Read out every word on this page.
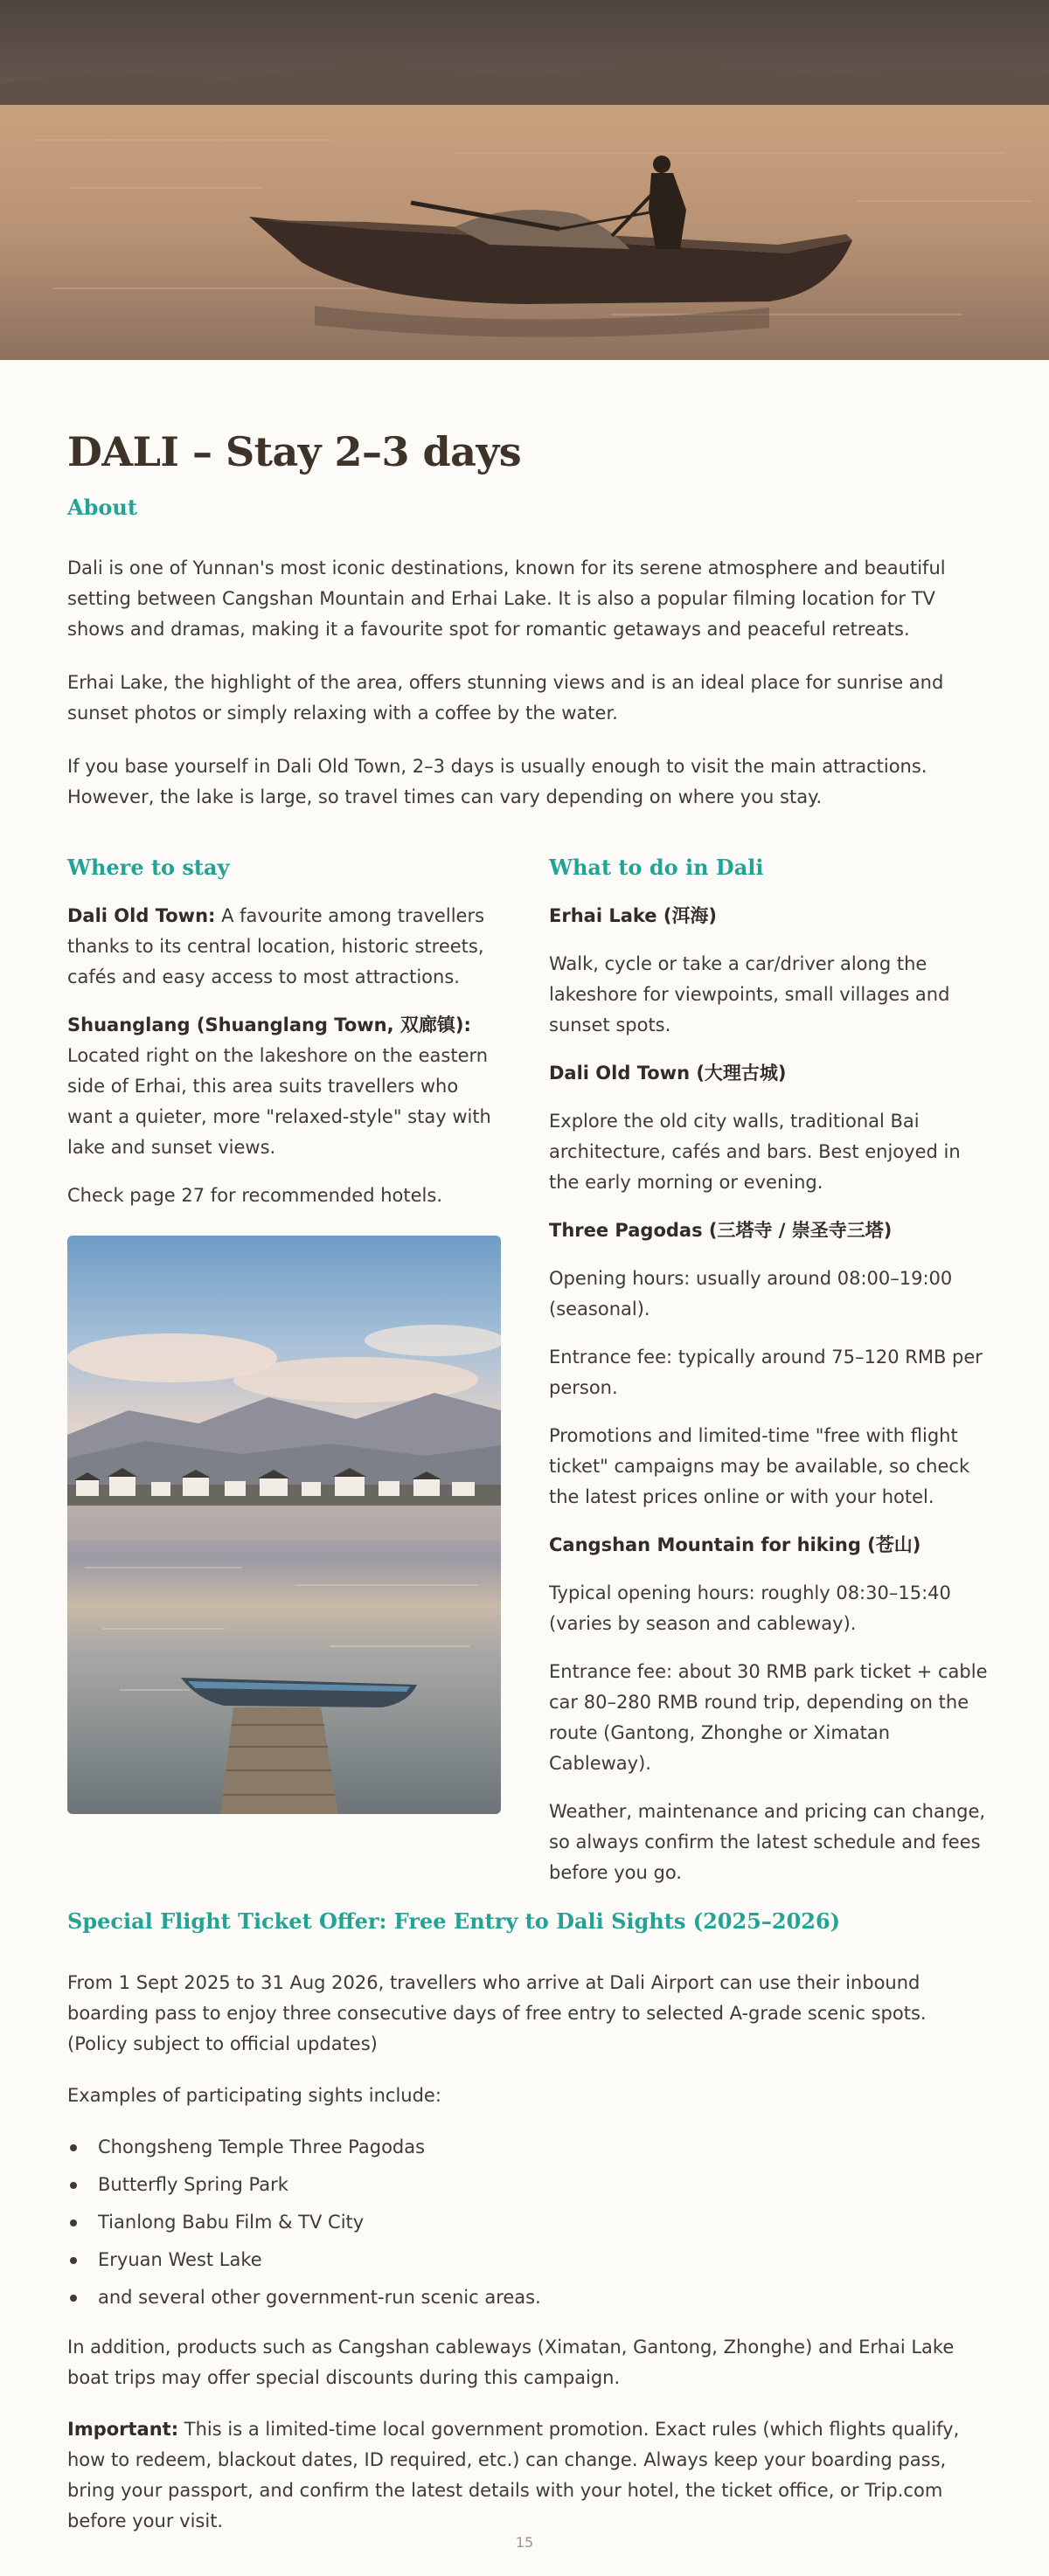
DALI – Stay 2–3 days
About

Dali is one of Yunnan's most iconic destinations, known for its serene atmosphere and beautiful setting between Cangshan Mountain and Erhai Lake. It is also a popular filming location for TV shows and dramas, making it a favourite spot for romantic getaways and peaceful retreats.

Erhai Lake, the highlight of the area, offers stunning views and is an ideal place for sunrise and sunset photos or simply relaxing with a coffee by the water.

If you base yourself in Dali Old Town, 2–3 days is usually enough to visit the main attractions. However, the lake is large, so travel times can vary depending on where you stay.

Where to stay

Dali Old Town: A favourite among travellers thanks to its central location, historic streets, cafés and easy access to most attractions.

Shuanglang (Shuanglang Town, 双廊镇): Located right on the lakeshore on the eastern side of Erhai, this area suits travellers who want a quieter, more "relaxed-style" stay with lake and sunset views.

Check page 27 for recommended hotels.

What to do in Dali

Erhai Lake (洱海)

Walk, cycle or take a car/driver along the lakeshore for viewpoints, small villages and sunset spots.

Dali Old Town (大理古城)

Explore the old city walls, traditional Bai architecture, cafés and bars. Best enjoyed in the early morning or evening.

Three Pagodas (三塔寺 / 崇圣寺三塔)

Opening hours: usually around 08:00–19:00 (seasonal).

Entrance fee: typically around 75–120 RMB per person.

Promotions and limited-time "free with flight ticket" campaigns may be available, so check the latest prices online or with your hotel.

Cangshan Mountain for hiking (苍山)

Typical opening hours: roughly 08:30–15:40 (varies by season and cableway).

Entrance fee: about 30 RMB park ticket + cable car 80–280 RMB round trip, depending on the route (Gantong, Zhonghe or Ximatan Cableway).

Weather, maintenance and pricing can change, so always confirm the latest schedule and fees before you go.

Special Flight Ticket Offer: Free Entry to Dali Sights (2025–2026)

From 1 Sept 2025 to 31 Aug 2026, travellers who arrive at Dali Airport can use their inbound boarding pass to enjoy three consecutive days of free entry to selected A-grade scenic spots.
(Policy subject to official updates)

Examples of participating sights include:

Chongsheng Temple Three Pagodas
Butterfly Spring Park
Tianlong Babu Film & TV City
Eryuan West Lake
and several other government-run scenic areas.

In addition, products such as Cangshan cableways (Ximatan, Gantong, Zhonghe) and Erhai Lake boat trips may offer special discounts during this campaign.

Important: This is a limited-time local government promotion. Exact rules (which flights qualify, how to redeem, blackout dates, ID required, etc.) can change. Always keep your boarding pass, bring your passport, and confirm the latest details with your hotel, the ticket office, or Trip.com before your visit.

15
